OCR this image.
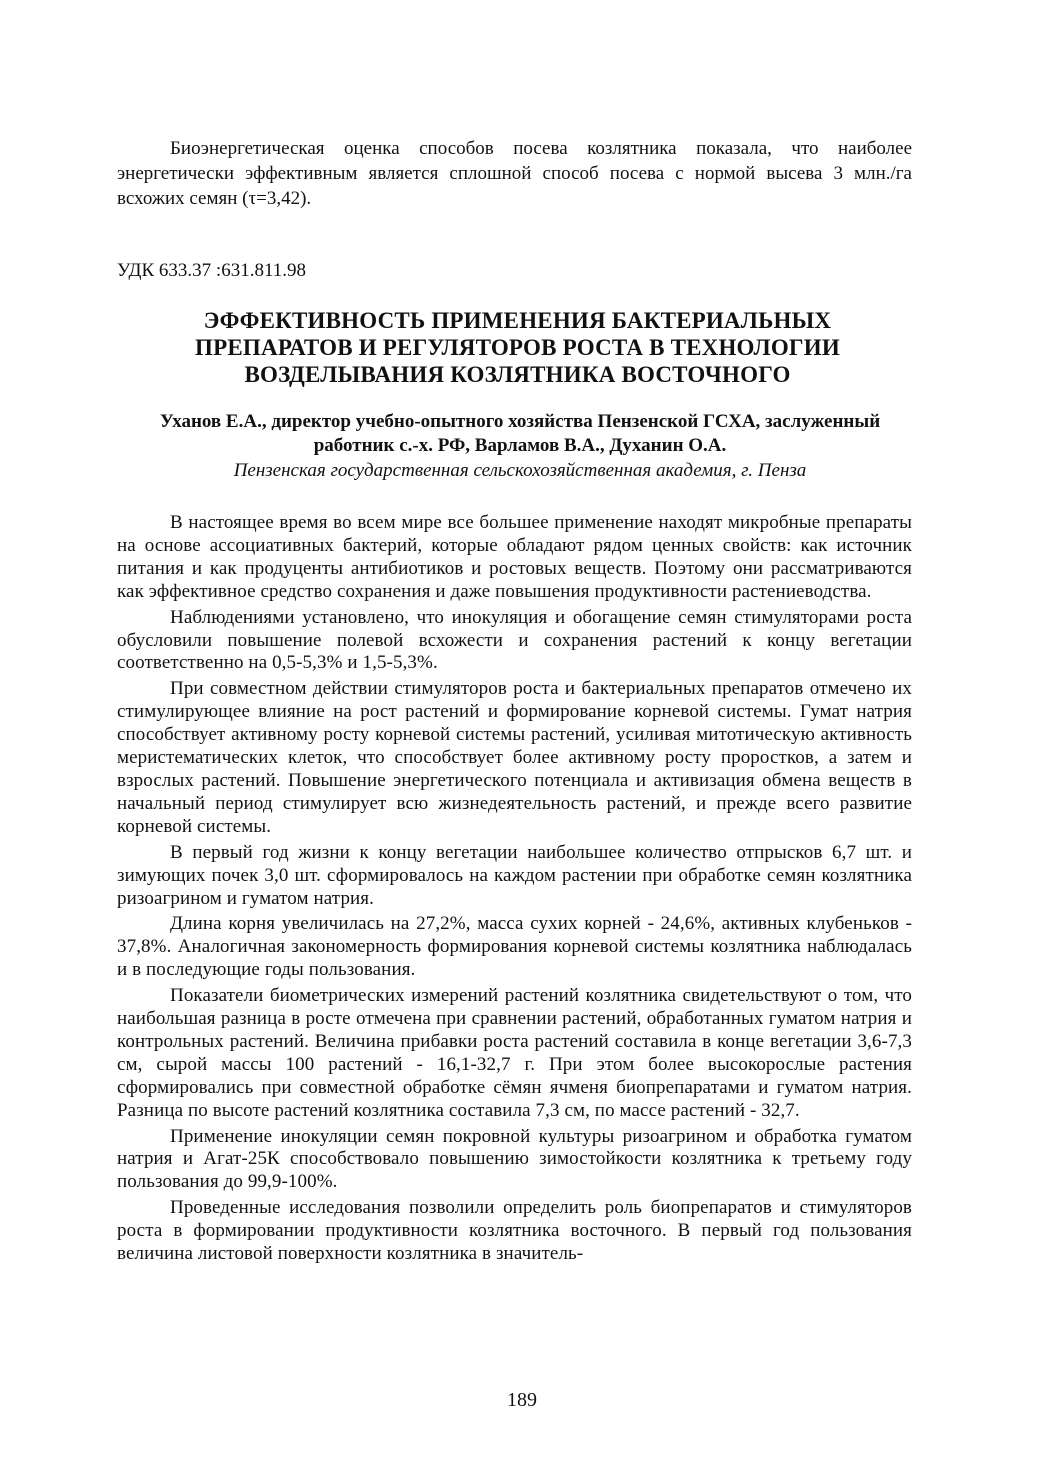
Биоэнергетическая оценка способов посева козлятника показала, что наиболее энергетически эффективным является сплошной способ посева с нормой высева 3 млн./га всхожих семян (τ=3,42).

УДК 633.37 :631.811.98
ЭФФЕКТИВНОСТЬ ПРИМЕНЕНИЯ БАКТЕРИАЛЬНЫХ
ПРЕПАРАТОВ И РЕГУЛЯТОРОВ РОСТА В ТЕХНОЛОГИИ
ВОЗДЕЛЫВАНИЯ КОЗЛЯТНИКА ВОСТОЧНОГО
Уханов Е.А., директор учебно-опытного хозяйства Пензенской ГСХА, заслуженный работник с.-х. РФ, Варламов В.А., Духанин О.А.
Пензенская государственная сельскохозяйственная академия, г. Пенза

В настоящее время во всем мире все большее применение находят микробные препараты на основе ассоциативных бактерий, которые обладают рядом ценных свойств: как источник питания и как продуценты антибиотиков и ростовых веществ. Поэтому они рассматриваются как эффективное средство сохранения и даже повышения продуктивности растениеводства.

Наблюдениями установлено, что инокуляция и обогащение семян стимуляторами роста обусловили повышение полевой всхожести и сохранения растений к концу вегетации соответственно на 0,5-5,3% и 1,5-5,3%.

При совместном действии стимуляторов роста и бактериальных препаратов отмечено их стимулирующее влияние на рост растений и формирование корневой системы. Гумат натрия способствует активному росту корневой системы растений, усиливая митотическую активность меристематических клеток, что способствует более активному росту проростков, а затем и взрослых растений. Повышение энергетического потенциала и активизация обмена веществ в начальный период стимулирует всю жизнедеятельность растений, и прежде всего развитие корневой системы.

В первый год жизни к концу вегетации наибольшее количество отпрысков 6,7 шт. и зимующих почек 3,0 шт. сформировалось на каждом растении при обработке семян козлятника ризоагрином и гуматом натрия.

Длина корня увеличилась на 27,2%, масса сухих корней - 24,6%, активных клубеньков - 37,8%. Аналогичная закономерность формирования корневой системы козлятника наблюдалась и в последующие годы пользования.

Показатели биометрических измерений растений козлятника свидетельствуют о том, что наибольшая разница в росте отмечена при сравнении растений, обработанных гуматом натрия и контрольных растений. Величина прибавки роста растений составила в конце вегетации 3,6-7,3 см, сырой массы 100 растений - 16,1-32,7 г. При этом более высокорослые растения сформировались при совместной обработке сёмян ячменя биопрепаратами и гуматом натрия. Разница по высоте растений козлятника составила 7,3 см, по массе растений - 32,7.

Применение инокуляции семян покровной культуры ризоагрином и обработка гуматом натрия и Агат-25К способствовало повышению зимостойкости козлятника к третьему году пользования до 99,9-100%.

Проведенные исследования позволили определить роль биопрепаратов и стимуляторов роста в формировании продуктивности козлятника восточного. В первый год пользования величина листовой поверхности козлятника в значитель-

189
